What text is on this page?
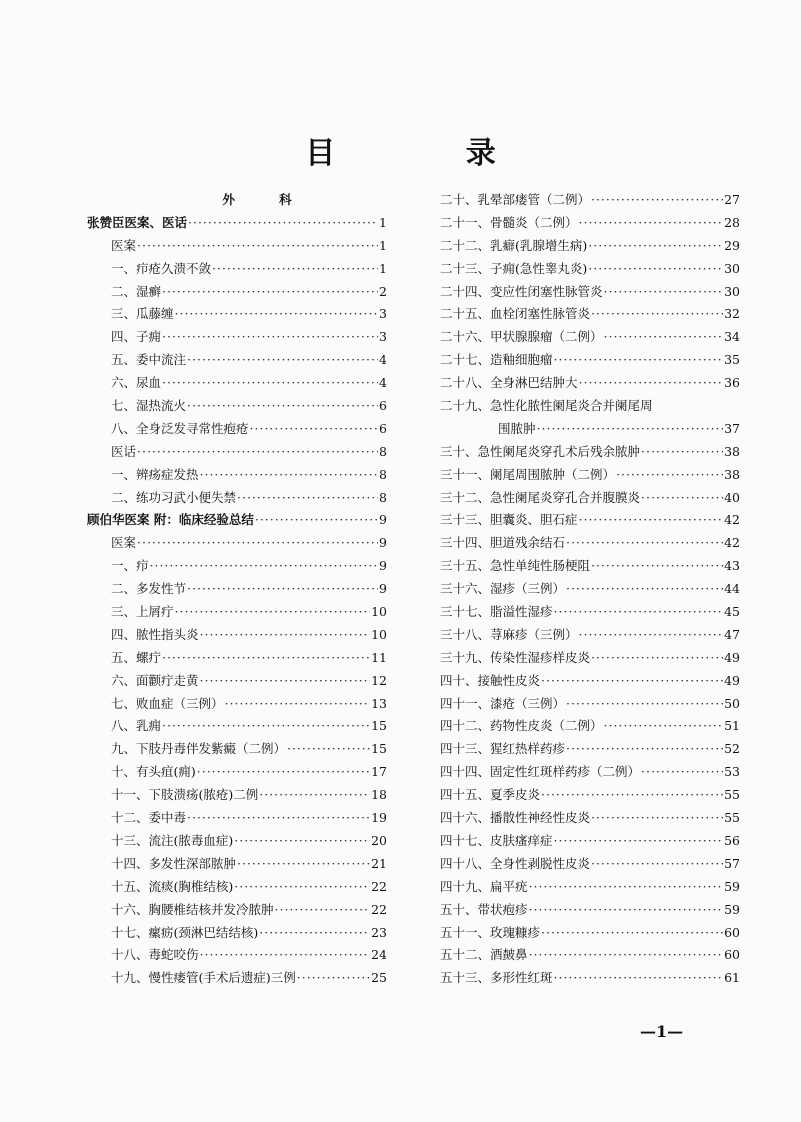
目 录
外 科
张赞臣医案、医话 ·····	1
医案 ·····	1
一、疖疮久溃不敛 ·····	1
二、湿癣 ·····	2
三、瓜藤缠 ·····	3
四、子痈 ·····	3
五、委中流注 ·····	4
六、尿血 ·····	4
七、湿热流火 ·····	6
八、全身泛发寻常性疱疮 ·····	6
医话 ·····	8
一、辨疡症发热 ·····	8
二、练功习武小便失禁 ·····	8
顾伯华医案 附：临床经验总结 ·····	9
医案 ·····	9
一、疖 ·····	9
二、多发性节 ·····	9
三、上屑疔 ·····	10
四、脓性指头炎 ·····	10
五、螺疔 ·····	11
六、面颧疔走黄 ·····	12
七、败血症（三例） ·····	13
八、乳痈 ·····	15
九、下肢丹毒伴发紫癜（二例） ·····	15
十、有头疽(痈) ·····	17
十一、下肢溃疡(脓疮)二例 ·····	18
十二、委中毒 ·····	19
十三、流注(脓毒血症) ·····	20
十四、多发性深部脓肿 ·····	21
十五、流痰(胸椎结核) ·····	22
十六、胸腰椎结核并发冷脓肿 ·····	22
十七、瘰疬(颈淋巴结结核) ·····	23
十八、毒蛇咬伤 ·····	24
十九、慢性瘘管(手术后遗症)三例 ·····	25
二十、乳晕部瘘管（二例） ·····	27
二十一、骨髓炎（二例） ·····	28
二十二、乳癖(乳腺增生病) ·····	29
二十三、子痈(急性睾丸炎) ·····	30
二十四、变应性闭塞性脉管炎 ·····	30
二十五、血栓闭塞性脉管炎 ·····	32
二十六、甲状腺腺瘤（二例） ·····	34
二十七、造釉细胞瘤 ·····	35
二十八、全身淋巴结肿大 ·····	36
二十九、急性化脓性阑尾炎合并阑尾周
围脓肿 ·····	37
三十、急性阑尾炎穿孔术后残余脓肿 ·····	38
三十一、阑尾周围脓肿（二例） ·····	38
三十二、急性阑尾炎穿孔合并腹膜炎 ·····	40
三十三、胆囊炎、胆石症 ·····	42
三十四、胆道残余结石 ·····	42
三十五、急性单纯性肠梗阻 ·····	43
三十六、湿疹（三例） ·····	44
三十七、脂溢性湿疹 ·····	45
三十八、荨麻疹（三例） ·····	47
三十九、传染性湿疹样皮炎 ·····	49
四十、接触性皮炎 ·····	49
四十一、漆疮（三例） ·····	50
四十二、药物性皮炎（二例） ·····	51
四十三、猩红热样药疹 ·····	52
四十四、固定性红斑样药疹（二例） ·····	53
四十五、夏季皮炎 ·····	55
四十六、播散性神经性皮炎 ·····	55
四十七、皮肤瘙痒症 ·····	56
四十八、全身性剥脱性皮炎 ·····	57
四十九、扁平疣 ·····	59
五十、带状疱疹 ·····	59
五十一、玫瑰糠疹 ·····	60
五十二、酒皶鼻 ·····	60
五十三、多形性红斑 ·····	61
—1—
